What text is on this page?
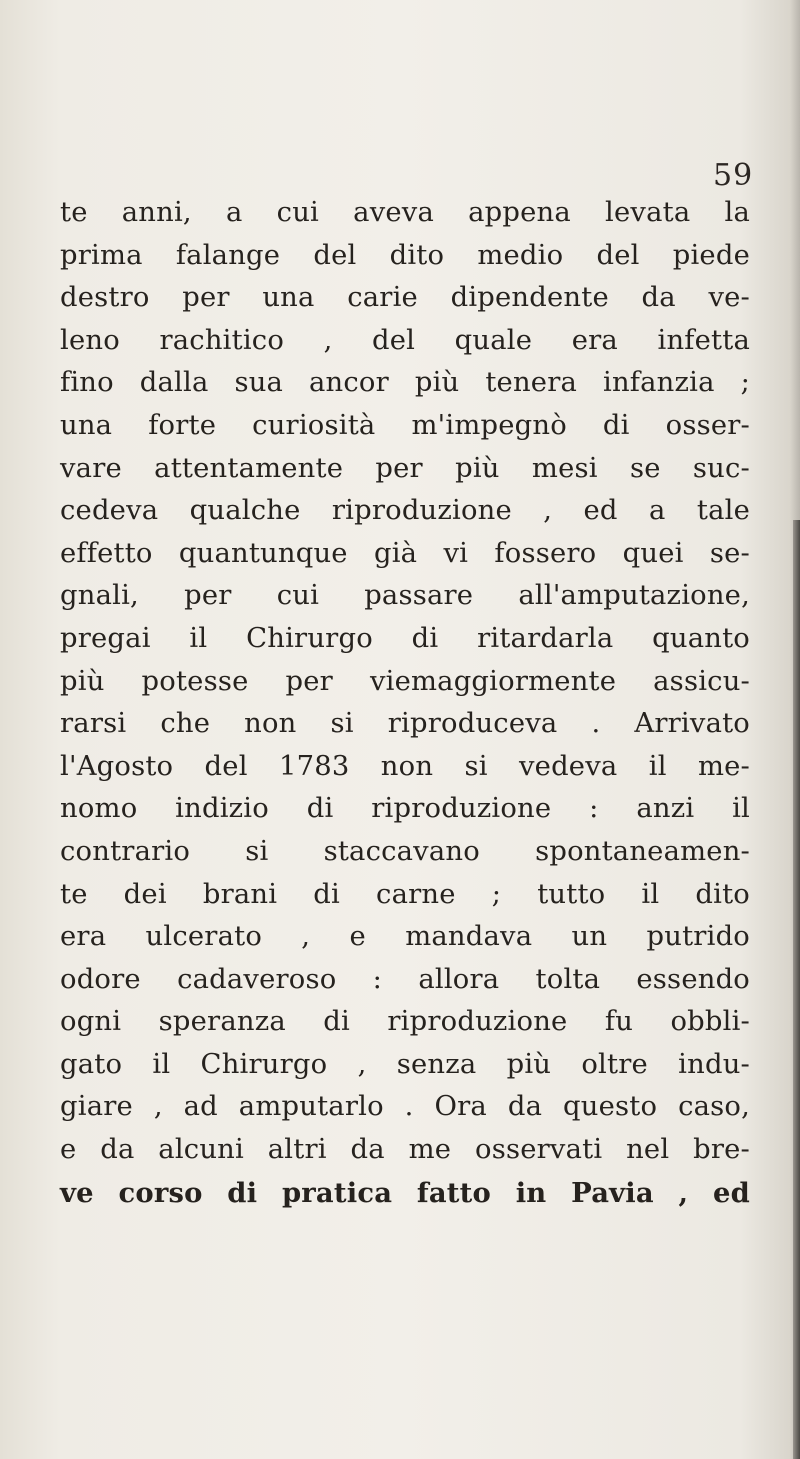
59
te anni, a cui aveva appena levata la
prima falange del dito medio del piede
destro per una carie dipendente da ve-
leno rachitico , del quale era infetta
fino dalla sua ancor più tenera infanzia ;
una forte curiosità m'impegnò di osser-
vare attentamente per più mesi se suc-
cedeva qualche riproduzione , ed a tale
effetto quantunque già vi fossero quei se-
gnali, per cui passare all'amputazione,
pregai il Chirurgo di ritardarla quanto
più potesse per viemaggiormente assicu-
rarsi che non si riproduceva . Arrivato
l'Agosto del 1783 non si vedeva il me-
nomo indizio di riproduzione : anzi il
contrario si staccavano spontaneamen-
te dei brani di carne ; tutto il dito
era ulcerato , e mandava un putrido
odore cadaveroso : allora tolta essendo
ogni speranza di riproduzione fu obbli-
gato il Chirurgo , senza più oltre indu-
giare , ad amputarlo . Ora da questo caso,
e da alcuni altri da me osservati nel bre-
ve corso di pratica fatto in Pavia , ed
